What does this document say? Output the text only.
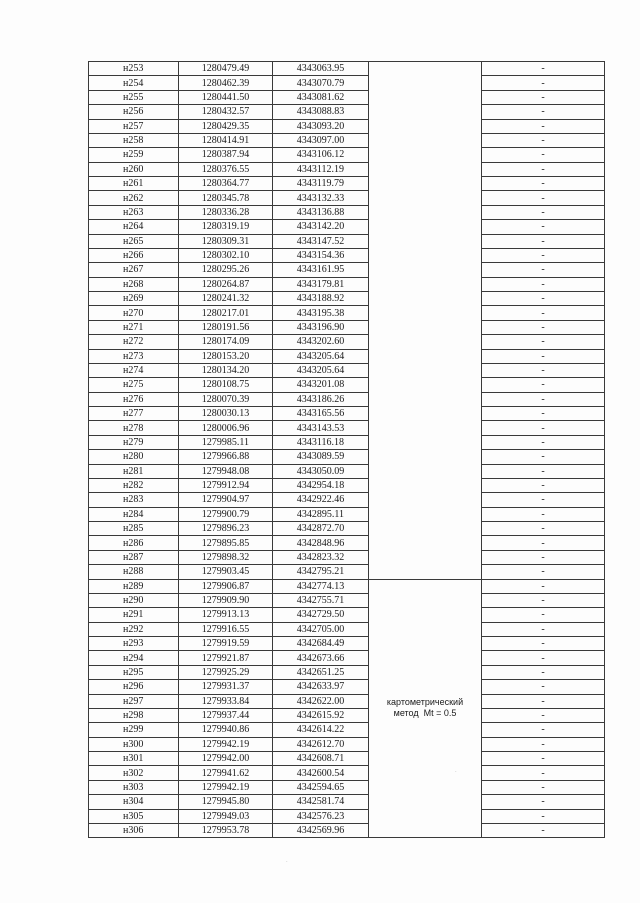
н253	1280479.49	4343063.95		-
н254	1280462.39	4343070.79		-
н255	1280441.50	4343081.62		-
н256	1280432.57	4343088.83		-
н257	1280429.35	4343093.20		-
н258	1280414.91	4343097.00		-
н259	1280387.94	4343106.12		-
н260	1280376.55	4343112.19		-
н261	1280364.77	4343119.79		-
н262	1280345.78	4343132.33		-
н263	1280336.28	4343136.88		-
н264	1280319.19	4343142.20		-
н265	1280309.31	4343147.52		-
н266	1280302.10	4343154.36		-
н267	1280295.26	4343161.95		-
н268	1280264.87	4343179.81		-
н269	1280241.32	4343188.92		-
н270	1280217.01	4343195.38		-
н271	1280191.56	4343196.90		-
н272	1280174.09	4343202.60		-
н273	1280153.20	4343205.64		-
н274	1280134.20	4343205.64		-
н275	1280108.75	4343201.08		-
н276	1280070.39	4343186.26		-
н277	1280030.13	4343165.56		-
н278	1280006.96	4343143.53		-
н279	1279985.11	4343116.18		-
н280	1279966.88	4343089.59		-
н281	1279948.08	4343050.09		-
н282	1279912.94	4342954.18		-
н283	1279904.97	4342922.46		-
н284	1279900.79	4342895.11		-
н285	1279896.23	4342872.70		-
н286	1279895.85	4342848.96		-
н287	1279898.32	4342823.32		-
н288	1279903.45	4342795.21		-
н289	1279906.87	4342774.13	картометрический
метод  Mt = 0.5	-
н290	1279909.90	4342755.71		-
н291	1279913.13	4342729.50		-
н292	1279916.55	4342705.00		-
н293	1279919.59	4342684.49		-
н294	1279921.87	4342673.66		-
н295	1279925.29	4342651.25		-
н296	1279931.37	4342633.97		-
н297	1279933.84	4342622.00		-
н298	1279937.44	4342615.92		-
н299	1279940.86	4342614.22		-
н300	1279942.19	4342612.70		-
н301	1279942.00	4342608.71		-
н302	1279941.62	4342600.54		-
н303	1279942.19	4342594.65		-
н304	1279945.80	4342581.74		-
н305	1279949.03	4342576.23		-
н306	1279953.78	4342569.96		-
.
.
